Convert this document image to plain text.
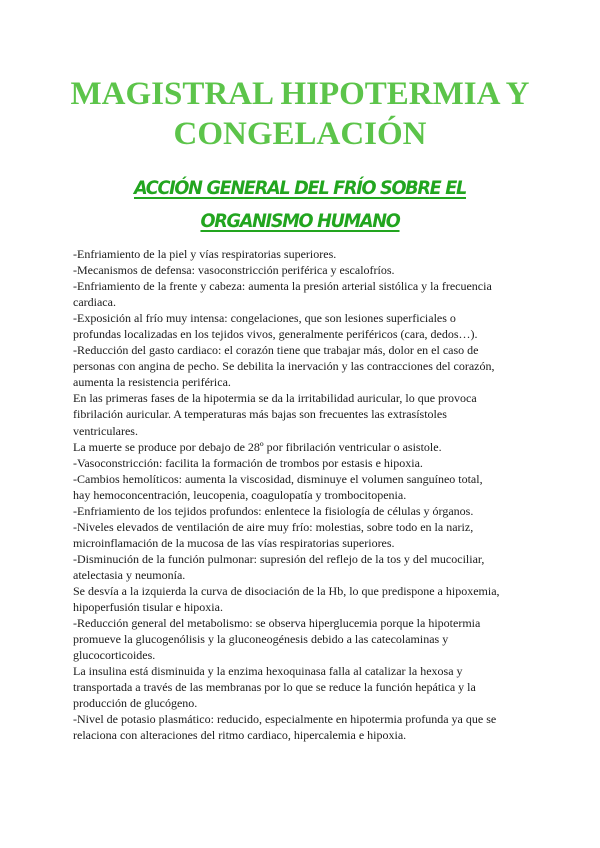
MAGISTRAL HIPOTERMIA Y CONGELACIÓN
ACCIÓN GENERAL DEL FRÍO SOBRE EL ORGANISMO HUMANO
-Enfriamiento de la piel y vías respiratorias superiores.
-Mecanismos de defensa: vasoconstricción periférica y escalofríos.
-Enfriamiento de la frente y cabeza: aumenta la presión arterial sistólica y la frecuencia
cardiaca.
-Exposición al frío muy intensa: congelaciones, que son lesiones superficiales o
profundas localizadas en los tejidos vivos, generalmente periféricos (cara, dedos…).
-Reducción del gasto cardiaco: el corazón tiene que trabajar más, dolor en el caso de
personas con angina de pecho. Se debilita la inervación y las contracciones del corazón,
aumenta la resistencia periférica.
En las primeras fases de la hipotermia se da la irritabilidad auricular, lo que provoca
fibrilación auricular. A temperaturas más bajas son frecuentes las extrasístoles
ventriculares.
La muerte se produce por debajo de 28º por fibrilación ventricular o asistole.
-Vasoconstricción: facilita la formación de trombos por estasis e hipoxia.
-Cambios hemolíticos: aumenta la viscosidad, disminuye el volumen sanguíneo total,
hay hemoconcentración, leucopenia, coagulopatía y trombocitopenia.
-Enfriamiento de los tejidos profundos: enlentece la fisiología de células y órganos.
-Niveles elevados de ventilación de aire muy frío: molestias, sobre todo en la nariz,
microinflamación de la mucosa de las vías respiratorias superiores.
-Disminución de la función pulmonar: supresión del reflejo de la tos y del mucociliar,
atelectasia y neumonía.
Se desvía a la izquierda la curva de disociación de la Hb, lo que predispone a hipoxemia,
hipoperfusión tisular e hipoxia.
-Reducción general del metabolismo: se observa hiperglucemia porque la hipotermia
promueve la glucogenólisis y la gluconeogénesis debido a las catecolaminas y
glucocorticoides.
La insulina está disminuida y la enzima hexoquinasa falla al catalizar la hexosa y
transportada a través de las membranas por lo que se reduce la función hepática y la
producción de glucógeno.
-Nivel de potasio plasmático: reducido, especialmente en hipotermia profunda ya que se
relaciona con alteraciones del ritmo cardiaco, hipercalemia e hipoxia.
